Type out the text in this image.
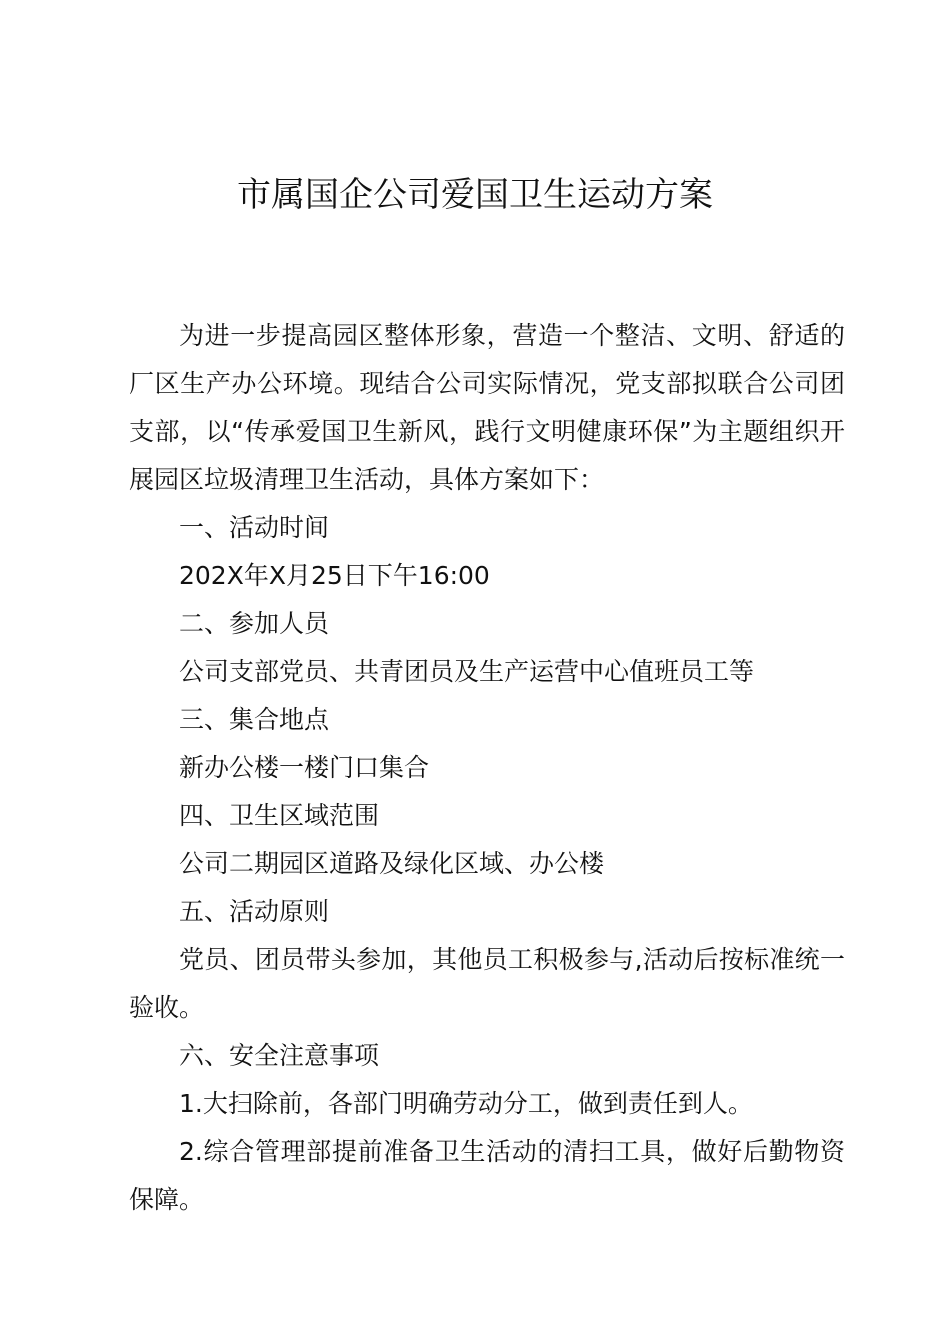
市属国企公司爱国卫生运动方案

为进一步提高园区整体形象，营造一个整洁、文明、舒适的厂区生产办公环境。现结合公司实际情况，党支部拟联合公司团支部，以“传承爱国卫生新风，践行文明健康环保”为主题组织开展园区垃圾清理卫生活动，具体方案如下：

一、活动时间

202X年X月25日下午16:00

二、参加人员

公司支部党员、共青团员及生产运营中心值班员工等

三、集合地点

新办公楼一楼门口集合

四、卫生区域范围

公司二期园区道路及绿化区域、办公楼

五、活动原则

党员、团员带头参加，其他员工积极参与,活动后按标准统一验收。

六、安全注意事项

1.大扫除前，各部门明确劳动分工，做到责任到人。

2.综合管理部提前准备卫生活动的清扫工具，做好后勤物资保障。
